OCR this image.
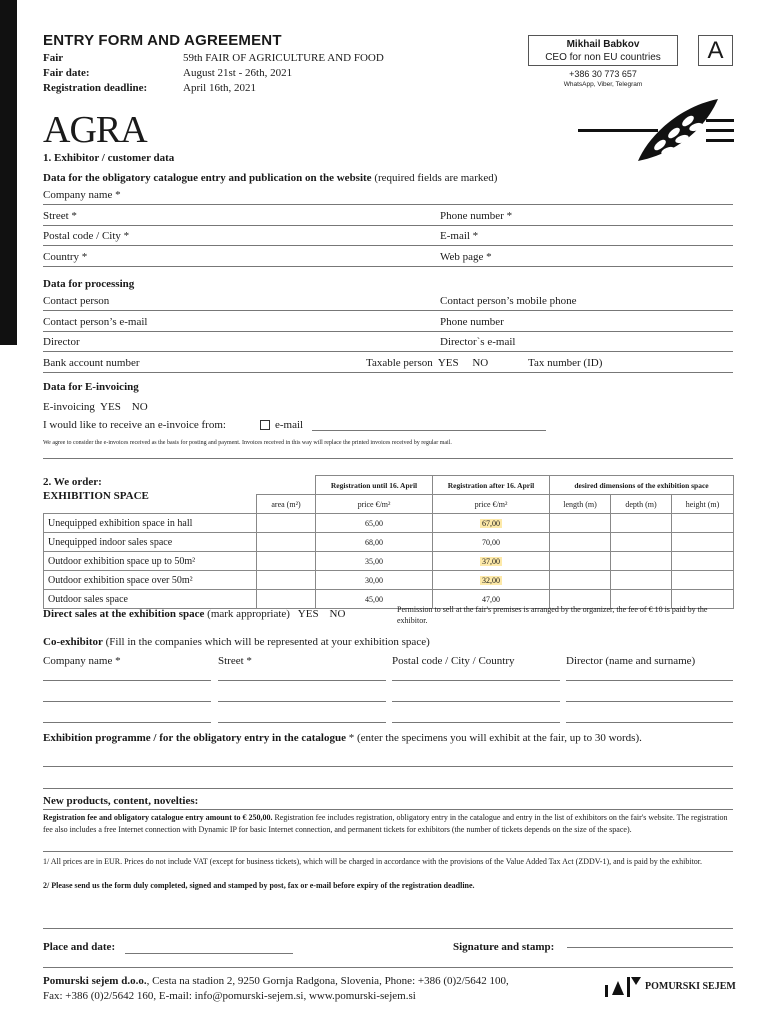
ENTRY FORM AND AGREEMENT
Fair	59th FAIR OF AGRICULTURE AND FOOD
Fair date:	August 21st - 26th, 2021
Registration deadline:	April 16th, 2021
Mikhail Babkov
CEO for non EU countries	A
+386 30 773 657
WhatsApp, Viber, Telegram
AGRA
1. Exhibitor / customer data
Data for the obligatory catalogue entry and publication on the website (required fields are marked)
Company name *
Street *	Phone number *
Postal code / City *	E-mail *
Country *	Web page *
Data for processing
Contact person	Contact person’s mobile phone
Contact person’s e-mail	Phone number
Director	Director`s e-mail
Bank account number	Taxable person  YES     NO	Tax number (ID)
Data for E-invoicing
E-invoicing  YES    NO
I would like to receive an e-invoice from:	e-mail
We agree to consider the e-invoices received as the basis for posting and payment. Invoices received in this way will replace the printed invoices received by regular mail.
2. We order:
EXHIBITION SPACE
		Registration until 16. April	Registration after 16. April	desired dimensions of the exhibition space		
	area (m²)	price €/m²	price €/m²	length (m)	depth (m)	height (m)
Unequipped exhibition space in hall		65,00	67,00			
Unequipped indoor sales space		68,00	70,00			
Outdoor exhibition space up to 50m²		35,00	37,00			
Outdoor exhibition space over 50m²		30,00	32,00			
Outdoor sales space		45,00	47,00			
Direct sales at the exhibition space (mark appropriate)   YES    NO	Permission to sell at the fair's premises is arranged by the organizer, the fee of € 10 is paid by the exhibitor.
Co-exhibitor (Fill in the companies which will be represented at your exhibition space)
Company name *	Street *	Postal code / City / Country	Director (name and surname)
Exhibition programme / for the obligatory entry in the catalogue * (enter the specimens you will exhibit at the fair, up to 30 words).
New products, content, novelties:
Registration fee and obligatory catalogue entry amount to € 250,00. Registration fee includes registration, obligatory entry in the catalogue and entry in the list of exhibitors on the fair's website. The registration fee also includes a free Internet connection with Dynamic IP for basic Internet connection, and permanent tickets for exhibitors (the number of tickets depends on the size of the space).
1/ All prices are in EUR. Prices do not include VAT (except for business tickets), which will be charged in accordance with the provisions of the Value Added Tax Act (ZDDV-1), and is paid by the exhibitor.
2/ Please send us the form duly completed, signed and stamped by post, fax or e-mail before expiry of the registration deadline.
Place and date:	Signature and stamp:
Pomurski sejem d.o.o., Cesta na stadion 2, 9250 Gornja Radgona, Slovenia, Phone: +386 (0)2/5642 100,
Fax: +386 (0)2/5642 160, E-mail: info@pomurski-sejem.si, www.pomurski-sejem.si
POMURSKI SEJEM
